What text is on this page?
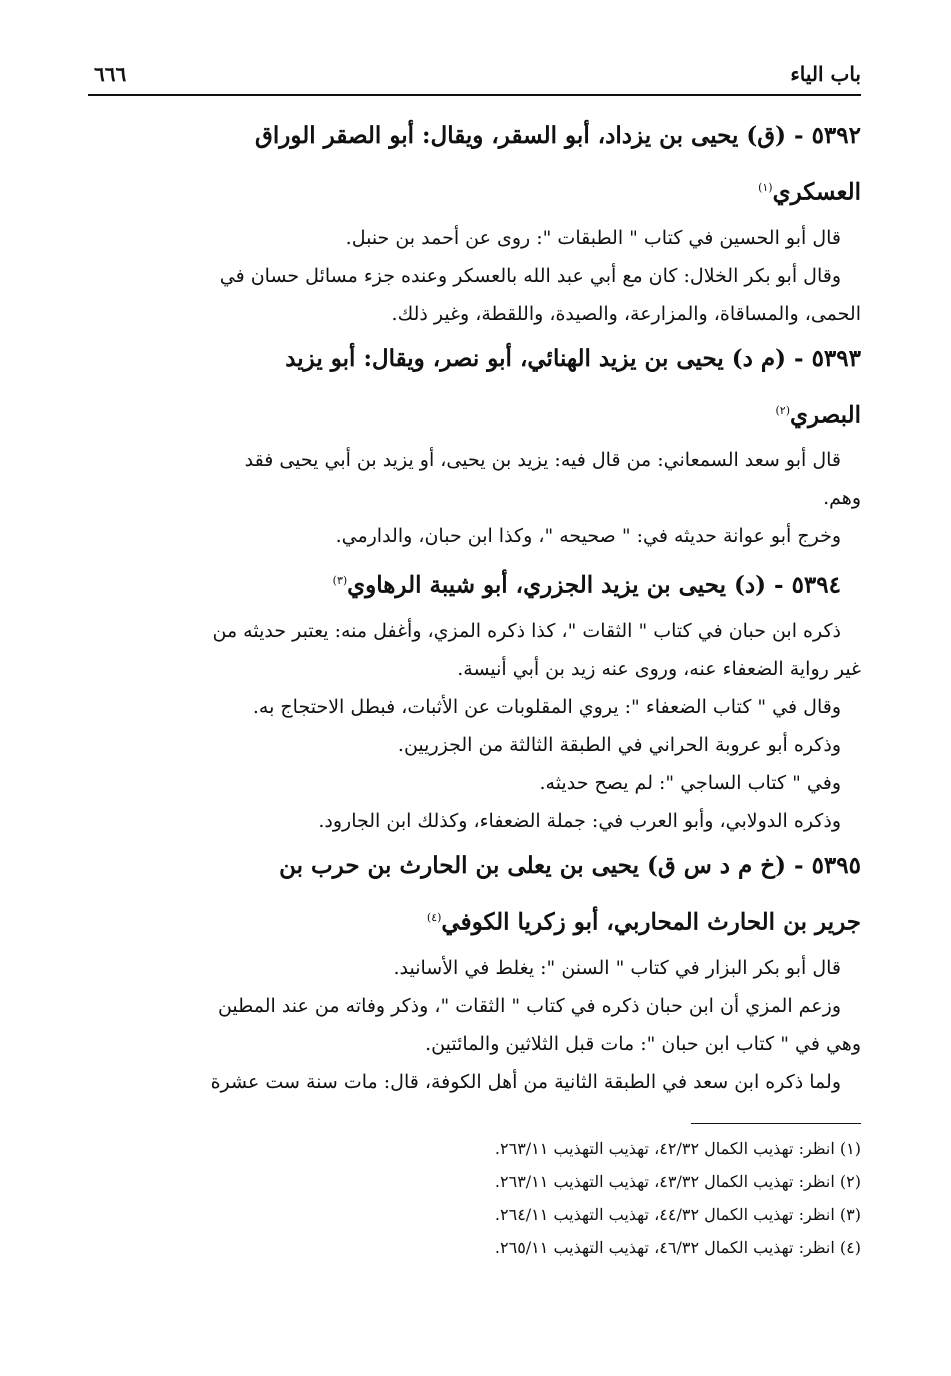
باب الياء
٦٦٦
٥٣٩٢ - (ق) يحيى بن يزداد، أبو السقر، ويقال: أبو الصقر الوراق
العسكري$^{(١)}$

قال أبو الحسين في كتاب " الطبقات ": روى عن أحمد بن حنبل.

وقال أبو بكر الخلال: كان مع أبي عبد الله بالعسكر وعنده جزء مسائل حسان في
الحمى، والمساقاة، والمزارعة، والصيدة، واللقطة، وغير ذلك.

٥٣٩٣ - (م د) يحيى بن يزيد الهنائي، أبو نصر، ويقال: أبو يزيد
البصري$^{(٢)}$

قال أبو سعد السمعاني: من قال فيه: يزيد بن يحيى، أو يزيد بن أبي يحيى فقد
وهم.

وخرج أبو عوانة حديثه في: " صحيحه "، وكذا ابن حبان، والدارمي.

٥٣٩٤ - (د) يحيى بن يزيد الجزري، أبو شيبة الرهاوي$^{(٣)}$

ذكره ابن حبان في كتاب " الثقات "، كذا ذكره المزي، وأغفل منه: يعتبر حديثه من
غير رواية الضعفاء عنه، وروى عنه زيد بن أبي أنيسة.

وقال في " كتاب الضعفاء ": يروي المقلوبات عن الأثبات، فبطل الاحتجاج به.

وذكره أبو عروبة الحراني في الطبقة الثالثة من الجزريين.

وفي " كتاب الساجي ": لم يصح حديثه.

وذكره الدولابي، وأبو العرب في: جملة الضعفاء، وكذلك ابن الجارود.

٥٣٩٥ - (خ م د س ق) يحيى بن يعلى بن الحارث بن حرب بن
جرير بن الحارث المحاربي، أبو زكريا الكوفي$^{(٤)}$

قال أبو بكر البزار في كتاب " السنن ": يغلط في الأسانيد.

وزعم المزي أن ابن حبان ذكره في كتاب " الثقات "، وذكر وفاته من عند المطين
وهي في " كتاب ابن حبان ": مات قبل الثلاثين والمائتين.

ولما ذكره ابن سعد في الطبقة الثانية من أهل الكوفة، قال: مات سنة ست عشرة

(١) انظر: تهذيب الكمال ٤٢/٣٢، تهذيب التهذيب ٢٦٣/١١.
(٢) انظر: تهذيب الكمال ٤٣/٣٢، تهذيب التهذيب ٢٦٣/١١.
(٣) انظر: تهذيب الكمال ٤٤/٣٢، تهذيب التهذيب ٢٦٤/١١.
(٤) انظر: تهذيب الكمال ٤٦/٣٢، تهذيب التهذيب ٢٦٥/١١.
